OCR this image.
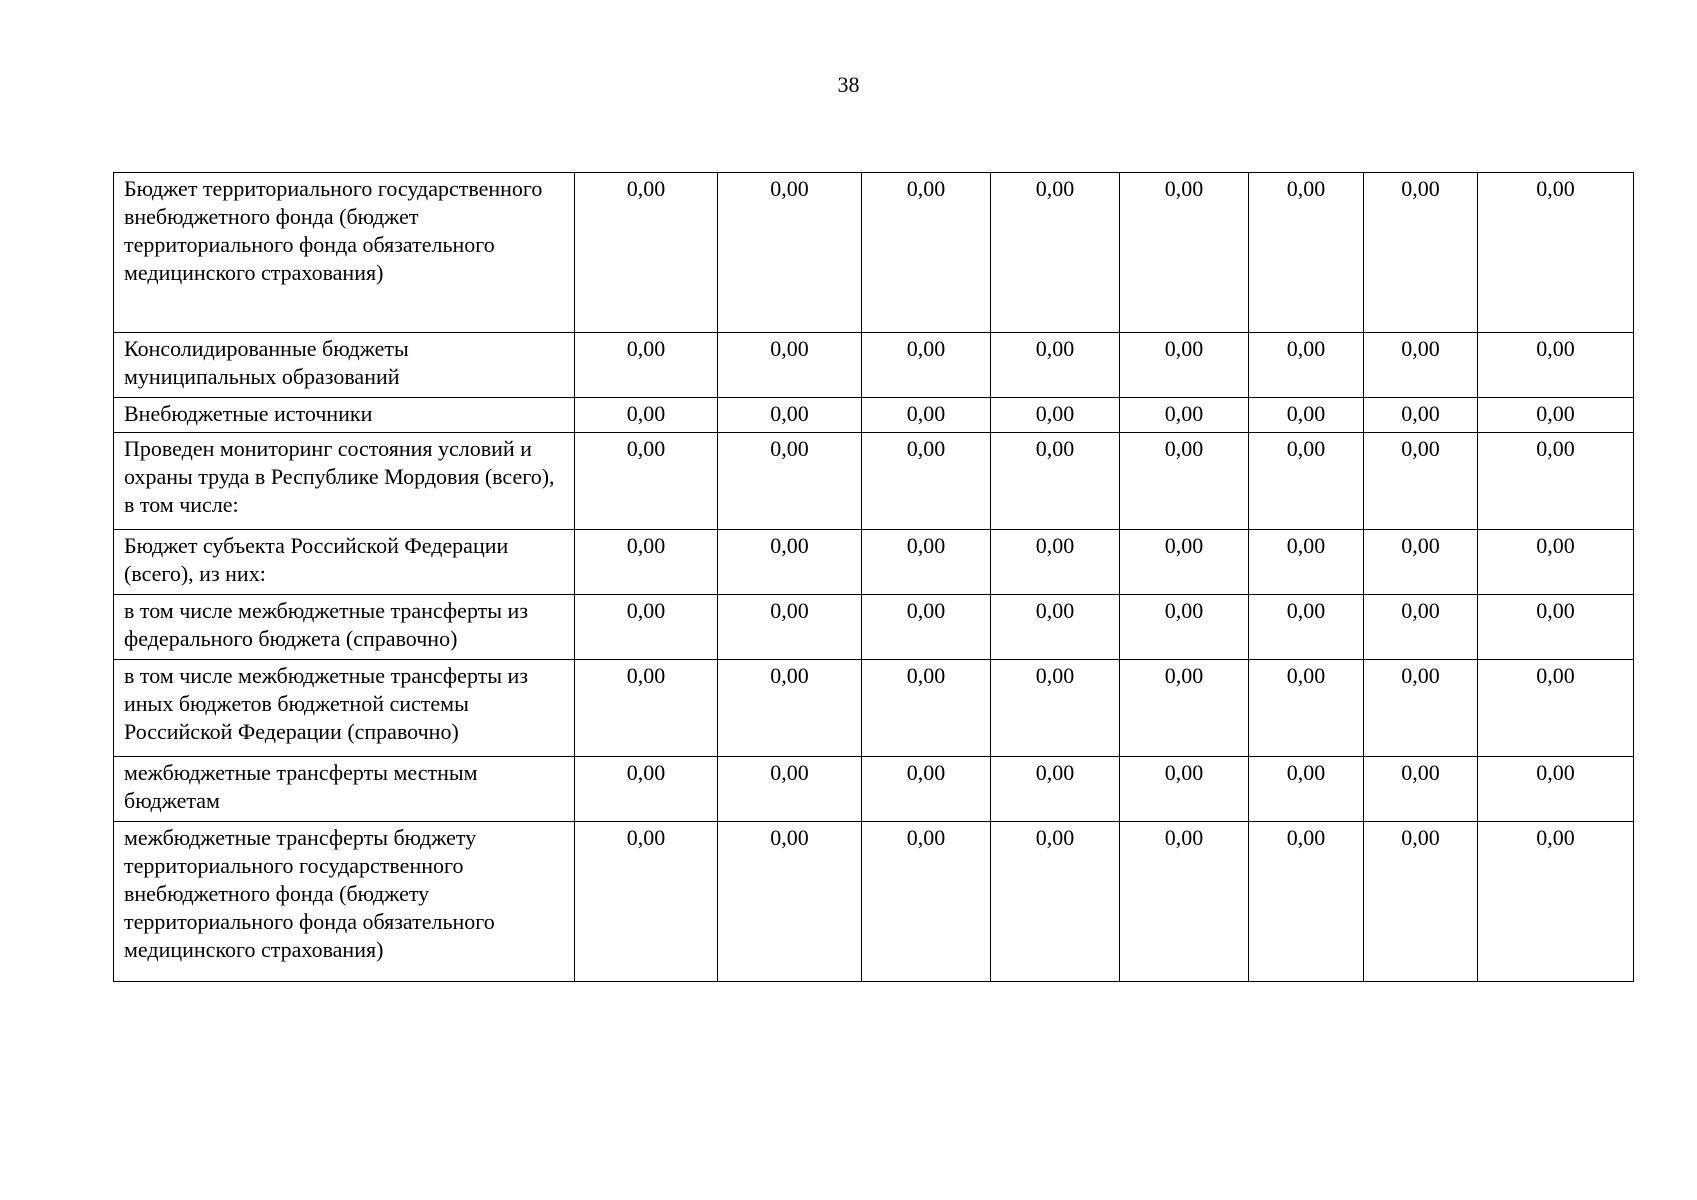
38
Бюджет территориального государственного внебюджетного фонда (бюджет территориального фонда обязательного медицинского страхования)	0,00	0,00	0,00	0,00	0,00	0,00	0,00	0,00
Консолидированные бюджеты муниципальных образований	0,00	0,00	0,00	0,00	0,00	0,00	0,00	0,00
Внебюджетные источники	0,00	0,00	0,00	0,00	0,00	0,00	0,00	0,00
Проведен мониторинг состояния условий и охраны труда в Республике Мордовия (всего), в том числе:	0,00	0,00	0,00	0,00	0,00	0,00	0,00	0,00
Бюджет субъекта Российской Федерации (всего), из них:	0,00	0,00	0,00	0,00	0,00	0,00	0,00	0,00
в том числе межбюджетные трансферты из федерального бюджета (справочно)	0,00	0,00	0,00	0,00	0,00	0,00	0,00	0,00
в том числе межбюджетные трансферты из иных бюджетов бюджетной системы Российской Федерации (справочно)	0,00	0,00	0,00	0,00	0,00	0,00	0,00	0,00
межбюджетные трансферты местным бюджетам	0,00	0,00	0,00	0,00	0,00	0,00	0,00	0,00
межбюджетные трансферты бюджету территориального государственного внебюджетного фонда (бюджету территориального фонда обязательного медицинского страхования)	0,00	0,00	0,00	0,00	0,00	0,00	0,00	0,00
